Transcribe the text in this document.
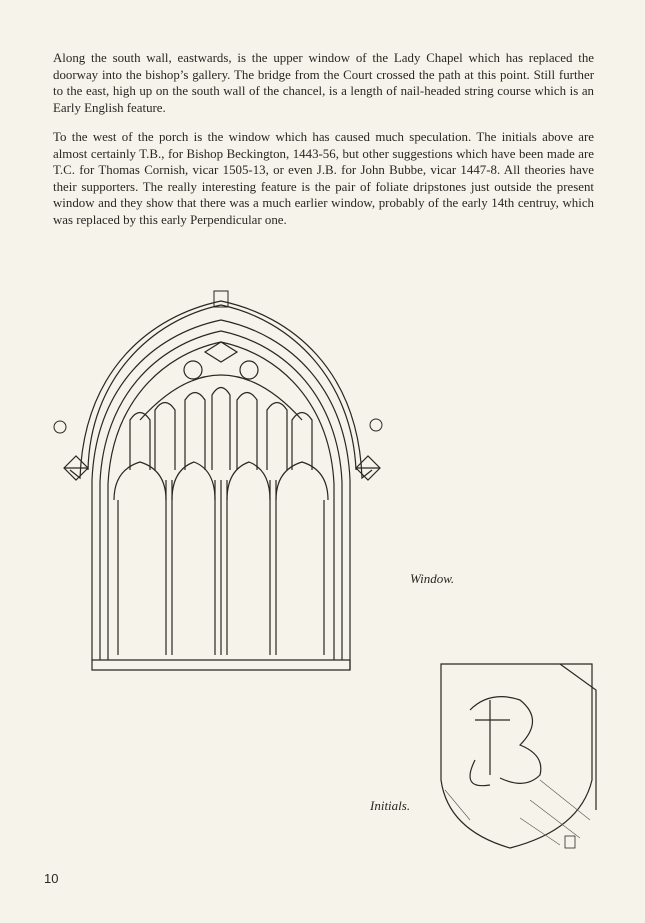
Along the south wall, eastwards, is the upper window of the Lady Chapel which has replaced the doorway into the bishop’s gallery. The bridge from the Court crossed the path at this point. Still further to the east, high up on the south wall of the chancel, is a length of nail-headed string course which is an Early English feature.

To the west of the porch is the window which has caused much speculation. The initials above are almost certainly T.B., for Bishop Beckington, 1443-56, but other suggestions which have been made are T.C. for Thomas Cornish, vicar 1505-13, or even J.B. for John Bubbe, vicar 1447-8. All theories have their supporters. The really interesting feature is the pair of foliate dripstones just outside the present window and they show that there was a much earlier window, probably of the early 14th centruy, which was replaced by this early Perpendicular one.

Window.
Initials.
10
